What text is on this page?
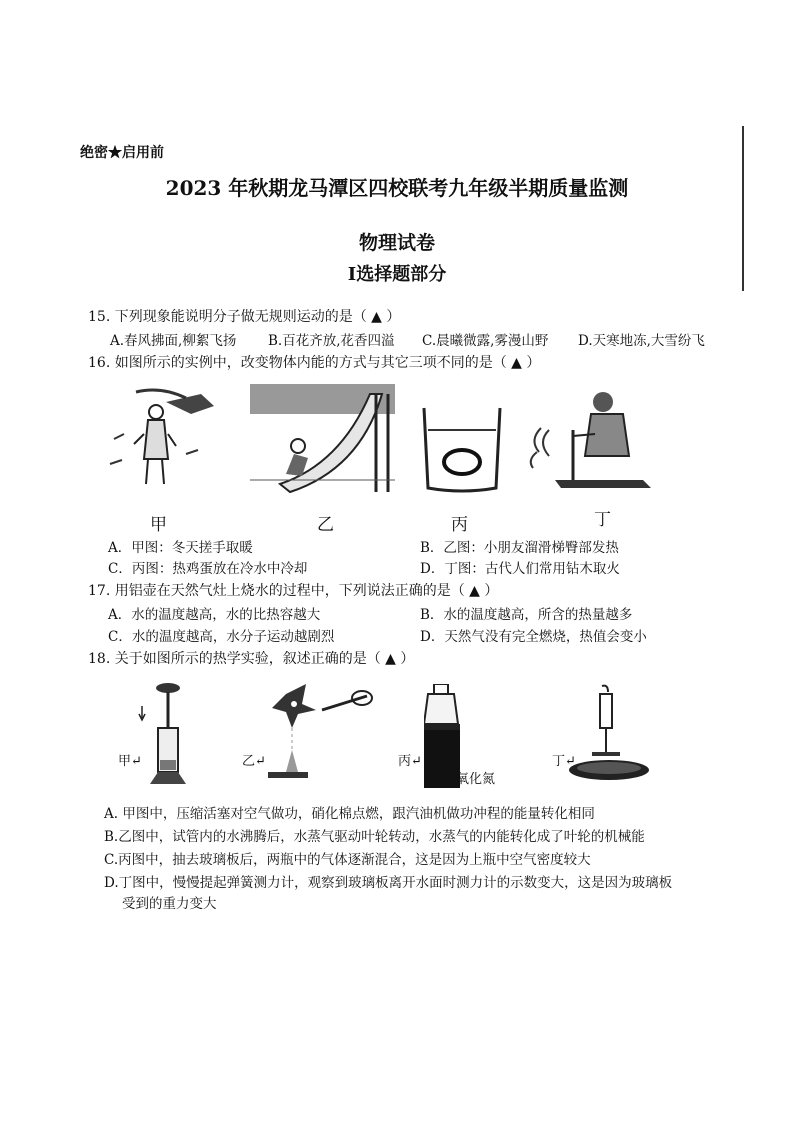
绝密★启用前
2023 年秋期龙马潭区四校联考九年级半期质量监测
物理试卷
Ⅰ选择题部分
15. 下列现象能说明分子做无规则运动的是（ ▲ ）
A.春风拂面,柳絮飞扬 B.百花齐放,花香四溢 C.晨曦微露,雾漫山野 D.天寒地冻,大雪纷飞
16. 如图所示的实例中，改变物体内能的方式与其它三项不同的是（ ▲ ）
甲	乙	丙	丁
A．甲图：冬天搓手取暖	B．乙图：小朋友溜滑梯臀部发热
C．丙图：热鸡蛋放在冷水中冷却	D．丁图：古代人们常用钻木取火
17. 用铝壶在天然气灶上烧水的过程中，下列说法正确的是（ ▲ ）
A．水的温度越高，水的比热容越大	B．水的温度越高，所含的热量越多
C．水的温度越高，水分子运动越剧烈	D．天然气没有完全燃烧，热值会变小
18. 关于如图所示的热学实验，叙述正确的是（ ▲ ）
甲↵	乙↵	丙↵
氧化氮
丁↵
A. 甲图中，压缩活塞对空气做功，硝化棉点燃，跟汽油机做功冲程的能量转化相同
B.乙图中，试管内的水沸腾后，水蒸气驱动叶轮转动，水蒸气的内能转化成了叶轮的机械能
C.丙图中，抽去玻璃板后，两瓶中的气体逐渐混合，这是因为上瓶中空气密度较大
D.丁图中，慢慢提起弹簧测力计，观察到玻璃板离开水面时测力计的示数变大，这是因为玻璃板
受到的重力变大
